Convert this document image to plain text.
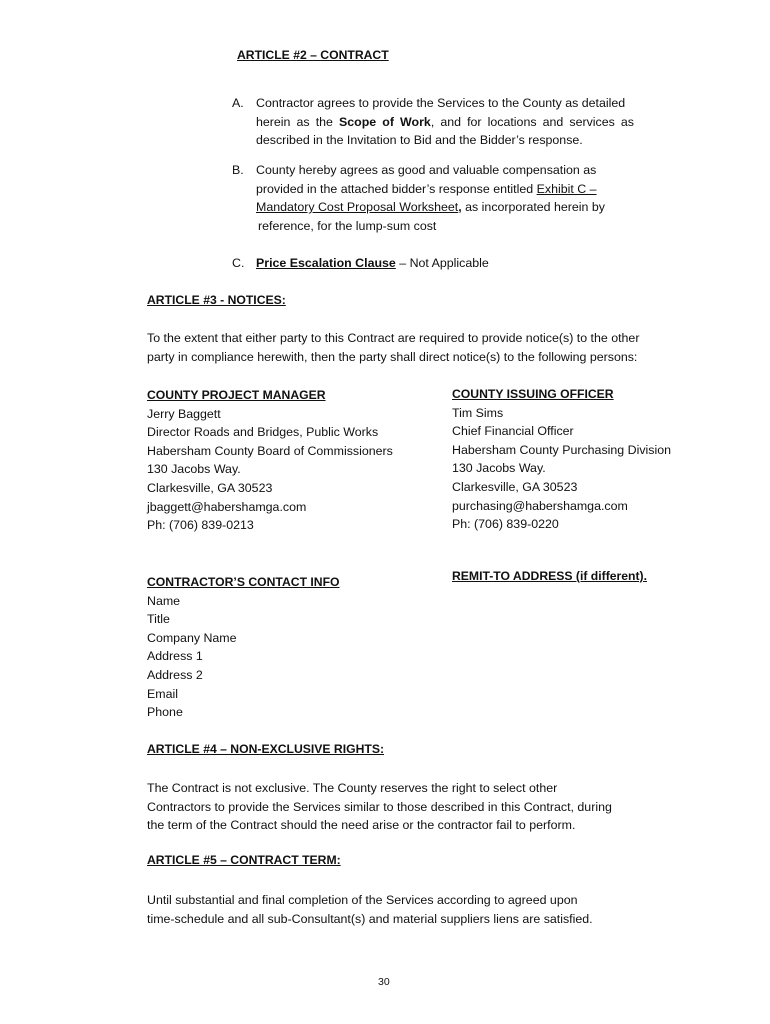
ARTICLE #2 – CONTRACT
A. Contractor agrees to provide the Services to the County as detailed
herein as the Scope of Work, and for locations and services as
described in the Invitation to Bid and the Bidder’s response.
B. County hereby agrees as good and valuable compensation as
provided in the attached bidder’s response entitled Exhibit C –
Mandatory Cost Proposal Worksheet, as incorporated herein by
reference, for the lump-sum cost
C. Price Escalation Clause – Not Applicable
ARTICLE #3 - NOTICES:
To the extent that either party to this Contract are required to provide notice(s) to the other
party in compliance herewith, then the party shall direct notice(s) to the following persons:
COUNTY PROJECT MANAGER
Jerry Baggett
Director Roads and Bridges, Public Works
Habersham County Board of Commissioners
130 Jacobs Way.
Clarkesville, GA 30523
jbaggett@habershamga.com
Ph: (706) 839-0213
COUNTY ISSUING OFFICER
Tim Sims
Chief Financial Officer
Habersham County Purchasing Division
130 Jacobs Way.
Clarkesville, GA 30523
purchasing@habershamga.com
Ph: (706) 839-0220
CONTRACTOR’S CONTACT INFO
Name
Title
Company Name
Address 1
Address 2
Email
Phone
REMIT-TO ADDRESS (if different).
ARTICLE #4 – NON-EXCLUSIVE RIGHTS:
The Contract is not exclusive. The County reserves the right to select other
Contractors to provide the Services similar to those described in this Contract, during
the term of the Contract should the need arise or the contractor fail to perform.
ARTICLE #5 – CONTRACT TERM:
Until substantial and final completion of the Services according to agreed upon
time-schedule and all sub-Consultant(s) and material suppliers liens are satisfied.
30
